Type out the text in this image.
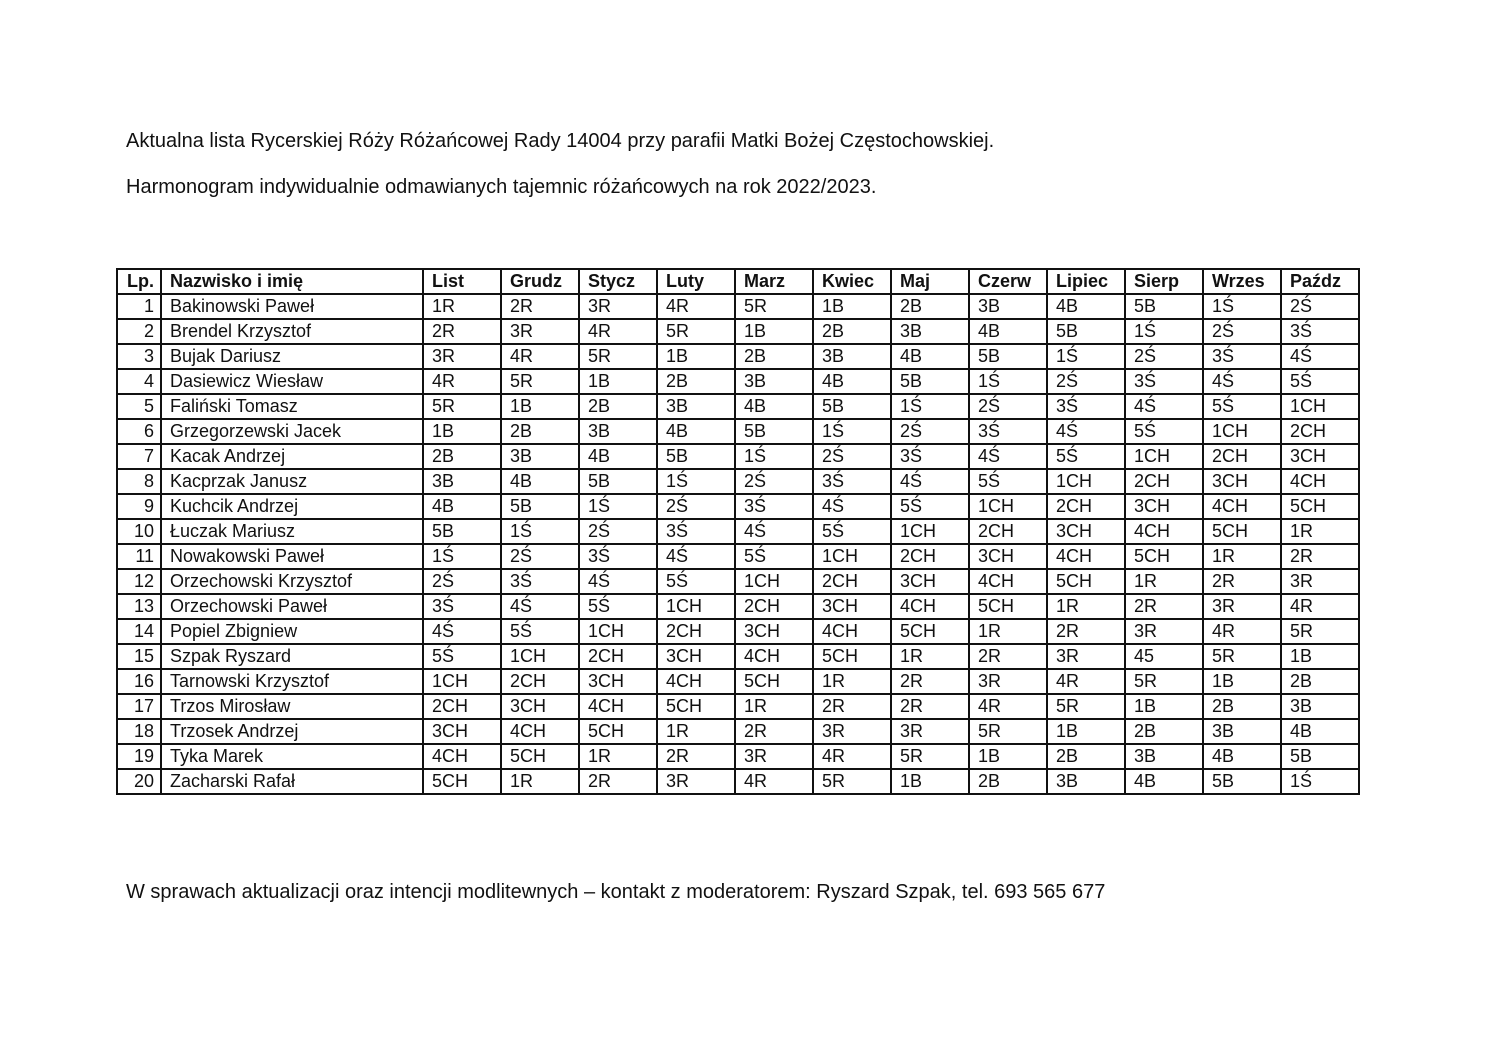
Aktualna lista Rycerskiej Róży Różańcowej Rady 14004 przy parafii Matki Bożej Częstochowskiej.
Harmonogram indywidualnie odmawianych tajemnic różańcowych na rok 2022/2023.
Lp.	Nazwisko i imię	List	Grudz	Stycz	Luty	Marz	Kwiec	Maj	Czerw	Lipiec	Sierp	Wrzes	Paźdz
1	Bakinowski Paweł	1R	2R	3R	4R	5R	1B	2B	3B	4B	5B	1Ś	2Ś
2	Brendel Krzysztof	2R	3R	4R	5R	1B	2B	3B	4B	5B	1Ś	2Ś	3Ś
3	Bujak Dariusz	3R	4R	5R	1B	2B	3B	4B	5B	1Ś	2Ś	3Ś	4Ś
4	Dasiewicz Wiesław	4R	5R	1B	2B	3B	4B	5B	1Ś	2Ś	3Ś	4Ś	5Ś
5	Faliński Tomasz	5R	1B	2B	3B	4B	5B	1Ś	2Ś	3Ś	4Ś	5Ś	1CH
6	Grzegorzewski Jacek	1B	2B	3B	4B	5B	1Ś	2Ś	3Ś	4Ś	5Ś	1CH	2CH
7	Kacak Andrzej	2B	3B	4B	5B	1Ś	2Ś	3Ś	4Ś	5Ś	1CH	2CH	3CH
8	Kacprzak Janusz	3B	4B	5B	1Ś	2Ś	3Ś	4Ś	5Ś	1CH	2CH	3CH	4CH
9	Kuchcik Andrzej	4B	5B	1Ś	2Ś	3Ś	4Ś	5Ś	1CH	2CH	3CH	4CH	5CH
10	Łuczak Mariusz	5B	1Ś	2Ś	3Ś	4Ś	5Ś	1CH	2CH	3CH	4CH	5CH	1R
11	Nowakowski Paweł	1Ś	2Ś	3Ś	4Ś	5Ś	1CH	2CH	3CH	4CH	5CH	1R	2R
12	Orzechowski Krzysztof	2Ś	3Ś	4Ś	5Ś	1CH	2CH	3CH	4CH	5CH	1R	2R	3R
13	Orzechowski Paweł	3Ś	4Ś	5Ś	1CH	2CH	3CH	4CH	5CH	1R	2R	3R	4R
14	Popiel Zbigniew	4Ś	5Ś	1CH	2CH	3CH	4CH	5CH	1R	2R	3R	4R	5R
15	Szpak Ryszard	5Ś	1CH	2CH	3CH	4CH	5CH	1R	2R	3R	45	5R	1B
16	Tarnowski Krzysztof	1CH	2CH	3CH	4CH	5CH	1R	2R	3R	4R	5R	1B	2B
17	Trzos Mirosław	2CH	3CH	4CH	5CH	1R	2R	2R	4R	5R	1B	2B	3B
18	Trzosek Andrzej	3CH	4CH	5CH	1R	2R	3R	3R	5R	1B	2B	3B	4B
19	Tyka Marek	4CH	5CH	1R	2R	3R	4R	5R	1B	2B	3B	4B	5B
20	Zacharski Rafał	5CH	1R	2R	3R	4R	5R	1B	2B	3B	4B	5B	1Ś
W sprawach aktualizacji oraz intencji modlitewnych – kontakt z moderatorem: Ryszard Szpak, tel. 693 565 677
